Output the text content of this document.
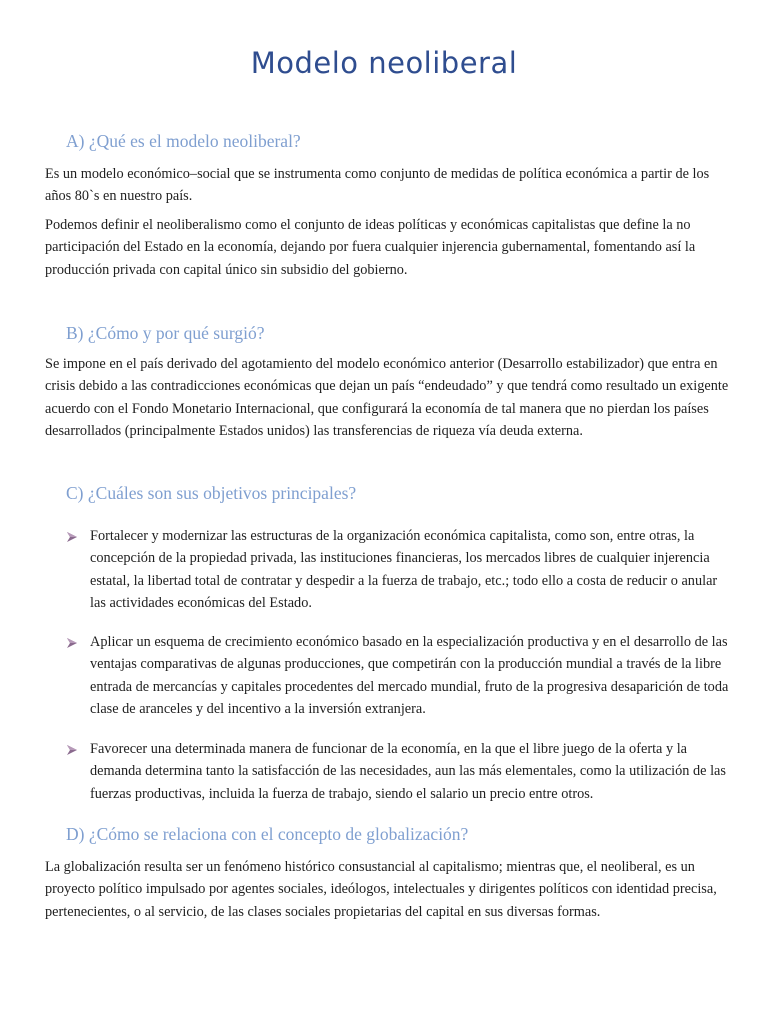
Modelo neoliberal
A) ¿Qué es el modelo neoliberal?

Es un modelo económico–social que se instrumenta como conjunto de medidas de política económica a partir de los años 80`s en nuestro país.

Podemos definir el neoliberalismo como el conjunto de ideas políticas y económicas capitalistas que define la no participación del Estado en la economía, dejando por fuera cualquier injerencia gubernamental, fomentando así la producción privada con capital único sin subsidio del gobierno.

B) ¿Cómo y por qué surgió?

Se impone en el país derivado del agotamiento del modelo económico anterior (Desarrollo estabilizador) que entra en crisis debido a las contradicciones económicas que dejan un país “endeudado” y que tendrá como resultado un exigente acuerdo con el Fondo Monetario Internacional, que configurará la economía de tal manera que no pierdan los países desarrollados (principalmente Estados unidos) las transferencias de riqueza vía deuda externa.

C) ¿Cuáles son sus objetivos principales?

Fortalecer y modernizar las estructuras de la organización económica capitalista, como son, entre otras, la concepción de la propiedad privada, las instituciones financieras, los mercados libres de cualquier injerencia estatal, la libertad total de contratar y despedir a la fuerza de trabajo, etc.; todo ello a costa de reducir o anular las actividades económicas del Estado.

Aplicar un esquema de crecimiento económico basado en la especialización productiva y en el desarrollo de las ventajas comparativas de algunas producciones, que competirán con la producción mundial a través de la libre entrada de mercancías y capitales procedentes del mercado mundial, fruto de la progresiva desaparición de toda clase de aranceles y del incentivo a la inversión extranjera.

Favorecer una determinada manera de funcionar de la economía, en la que el libre juego de la oferta y la demanda determina tanto la satisfacción de las necesidades, aun las más elementales, como la utilización de las fuerzas productivas, incluida la fuerza de trabajo, siendo el salario un precio entre otros.

D) ¿Cómo se relaciona con el concepto de globalización?

La globalización resulta ser un fenómeno histórico consustancial al capitalismo; mientras que, el neoliberal, es un proyecto político impulsado por agentes sociales, ideólogos, intelectuales y dirigentes políticos con identidad precisa, pertenecientes, o al servicio, de las clases sociales propietarias del capital en sus diversas formas.
